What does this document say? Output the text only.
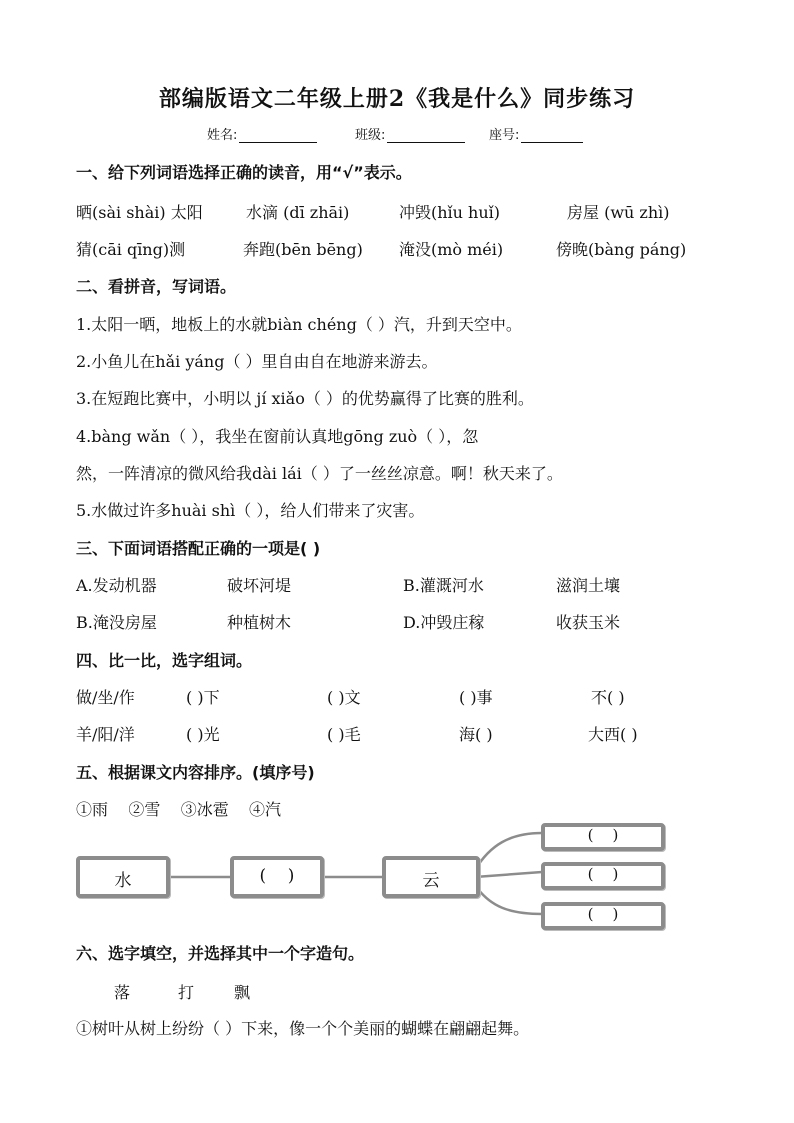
部编版语文二年级上册2《我是什么》同步练习
姓名:	班级:	座号:
一、给下列词语选择正确的读音，用“√”表示。
晒(sài shài) 太阳	水滴 (dī zhāi)	冲毁(hǐu huǐ)	房屋 (wū zhì)
猜(cāi qīng)测	奔跑(bēn bēng) 淹没(mò méi)	傍晚(bàng páng)
二、看拼音，写词语。
1.太阳一晒，地板上的水就biàn chéng（ ）汽，升到天空中。
2.小鱼儿在hǎi yáng（ ）里自由自在地游来游去。
3.在短跑比赛中，小明以 jí xiǎo（ ）的优势赢得了比赛的胜利。
4.bàng wǎn（ ），我坐在窗前认真地gōng zuò（ ），忽
然，一阵清凉的微风给我dài lái（ ）了一丝丝凉意。啊！秋天来了。
5.水做过许多huài shì（ ），给人们带来了灾害。
三、下面词语搭配正确的一项是( )
A.发动机器	破坏河堤	B.灌溉河水	滋润土壤
B.淹没房屋	种植树木	D.冲毁庄稼	收获玉米
四、比一比，选字组词。
做/坐/作	( )下	( )文	( )事	不( )
羊/阳/洋	( )光	( )毛	海( )	大西( )
五、根据课文内容排序。(填序号)
①雨    ②雪    ③冰雹    ④汽
水	(    )	云
(    )
(    )
(    )
六、选字填空，并选择其中一个字造句。
落	打 飘
①树叶从树上纷纷（ ）下来，像一个个美丽的蝴蝶在翩翩起舞。
